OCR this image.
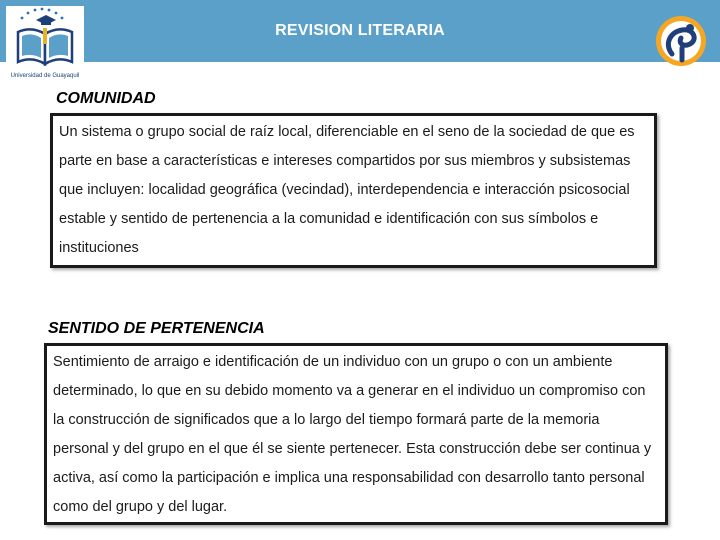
REVISION LITERARIA
Universidad de Guayaquil
COMUNIDAD
Un sistema o grupo social de raíz local, diferenciable en el seno de la sociedad de que es parte en base a características e intereses compartidos por sus miembros y subsistemas que incluyen: localidad geográfica (vecindad), interdependencia e interacción psicosocial estable y sentido de pertenencia a la comunidad e identificación con sus símbolos e instituciones
SENTIDO DE PERTENENCIA
Sentimiento de arraigo e identificación de un individuo con un grupo o con un ambiente determinado, lo que en su debido momento va a generar en el individuo un compromiso con la construcción de significados que a lo largo del tiempo formará parte de la memoria personal y del grupo en el que él se siente pertenecer. Esta construcción debe ser continua y activa, así como la participación e implica una responsabilidad con desarrollo tanto personal como del grupo y del lugar.
